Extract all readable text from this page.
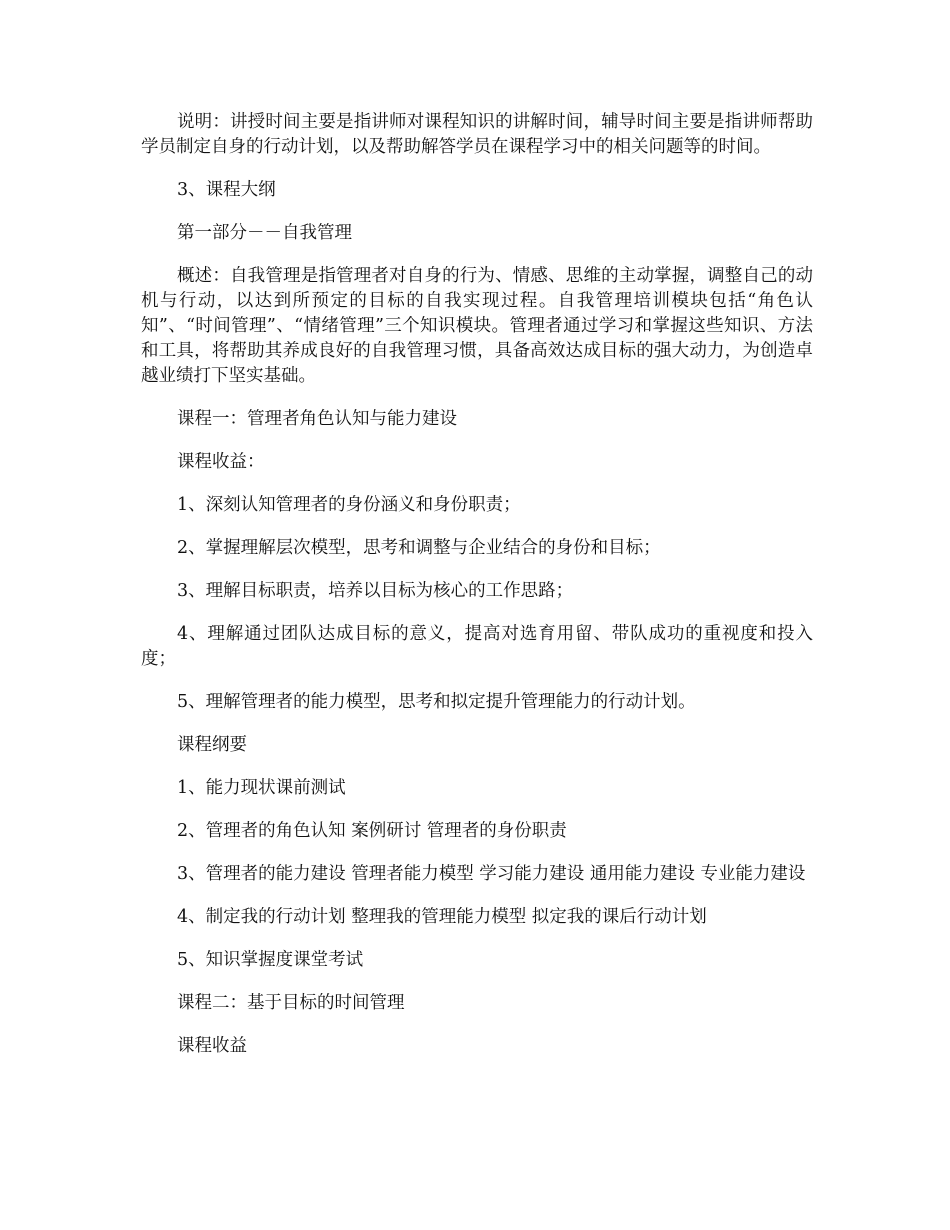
说明：讲授时间主要是指讲师对课程知识的讲解时间，辅导时间主要是指讲师帮助学员制定自身的行动计划，以及帮助解答学员在课程学习中的相关问题等的时间。

3、课程大纲

第一部分－－自我管理

概述：自我管理是指管理者对自身的行为、情感、思维的主动掌握，调整自己的动机与行动，以达到所预定的目标的自我实现过程。自我管理培训模块包括“角色认知”、“时间管理”、“情绪管理”三个知识模块。管理者通过学习和掌握这些知识、方法和工具，将帮助其养成良好的自我管理习惯，具备高效达成目标的强大动力，为创造卓越业绩打下坚实基础。

课程一：管理者角色认知与能力建设

课程收益：

1、深刻认知管理者的身份涵义和身份职责；

2、掌握理解层次模型，思考和调整与企业结合的身份和目标；

3、理解目标职责，培养以目标为核心的工作思路；

4、理解通过团队达成目标的意义，提高对选育用留、带队成功的重视度和投入度；

5、理解管理者的能力模型，思考和拟定提升管理能力的行动计划。

课程纲要

1、能力现状课前测试

2、管理者的角色认知 案例研讨 管理者的身份职责

3、管理者的能力建设 管理者能力模型 学习能力建设 通用能力建设 专业能力建设

4、制定我的行动计划 整理我的管理能力模型 拟定我的课后行动计划

5、知识掌握度课堂考试

课程二：基于目标的时间管理

课程收益
